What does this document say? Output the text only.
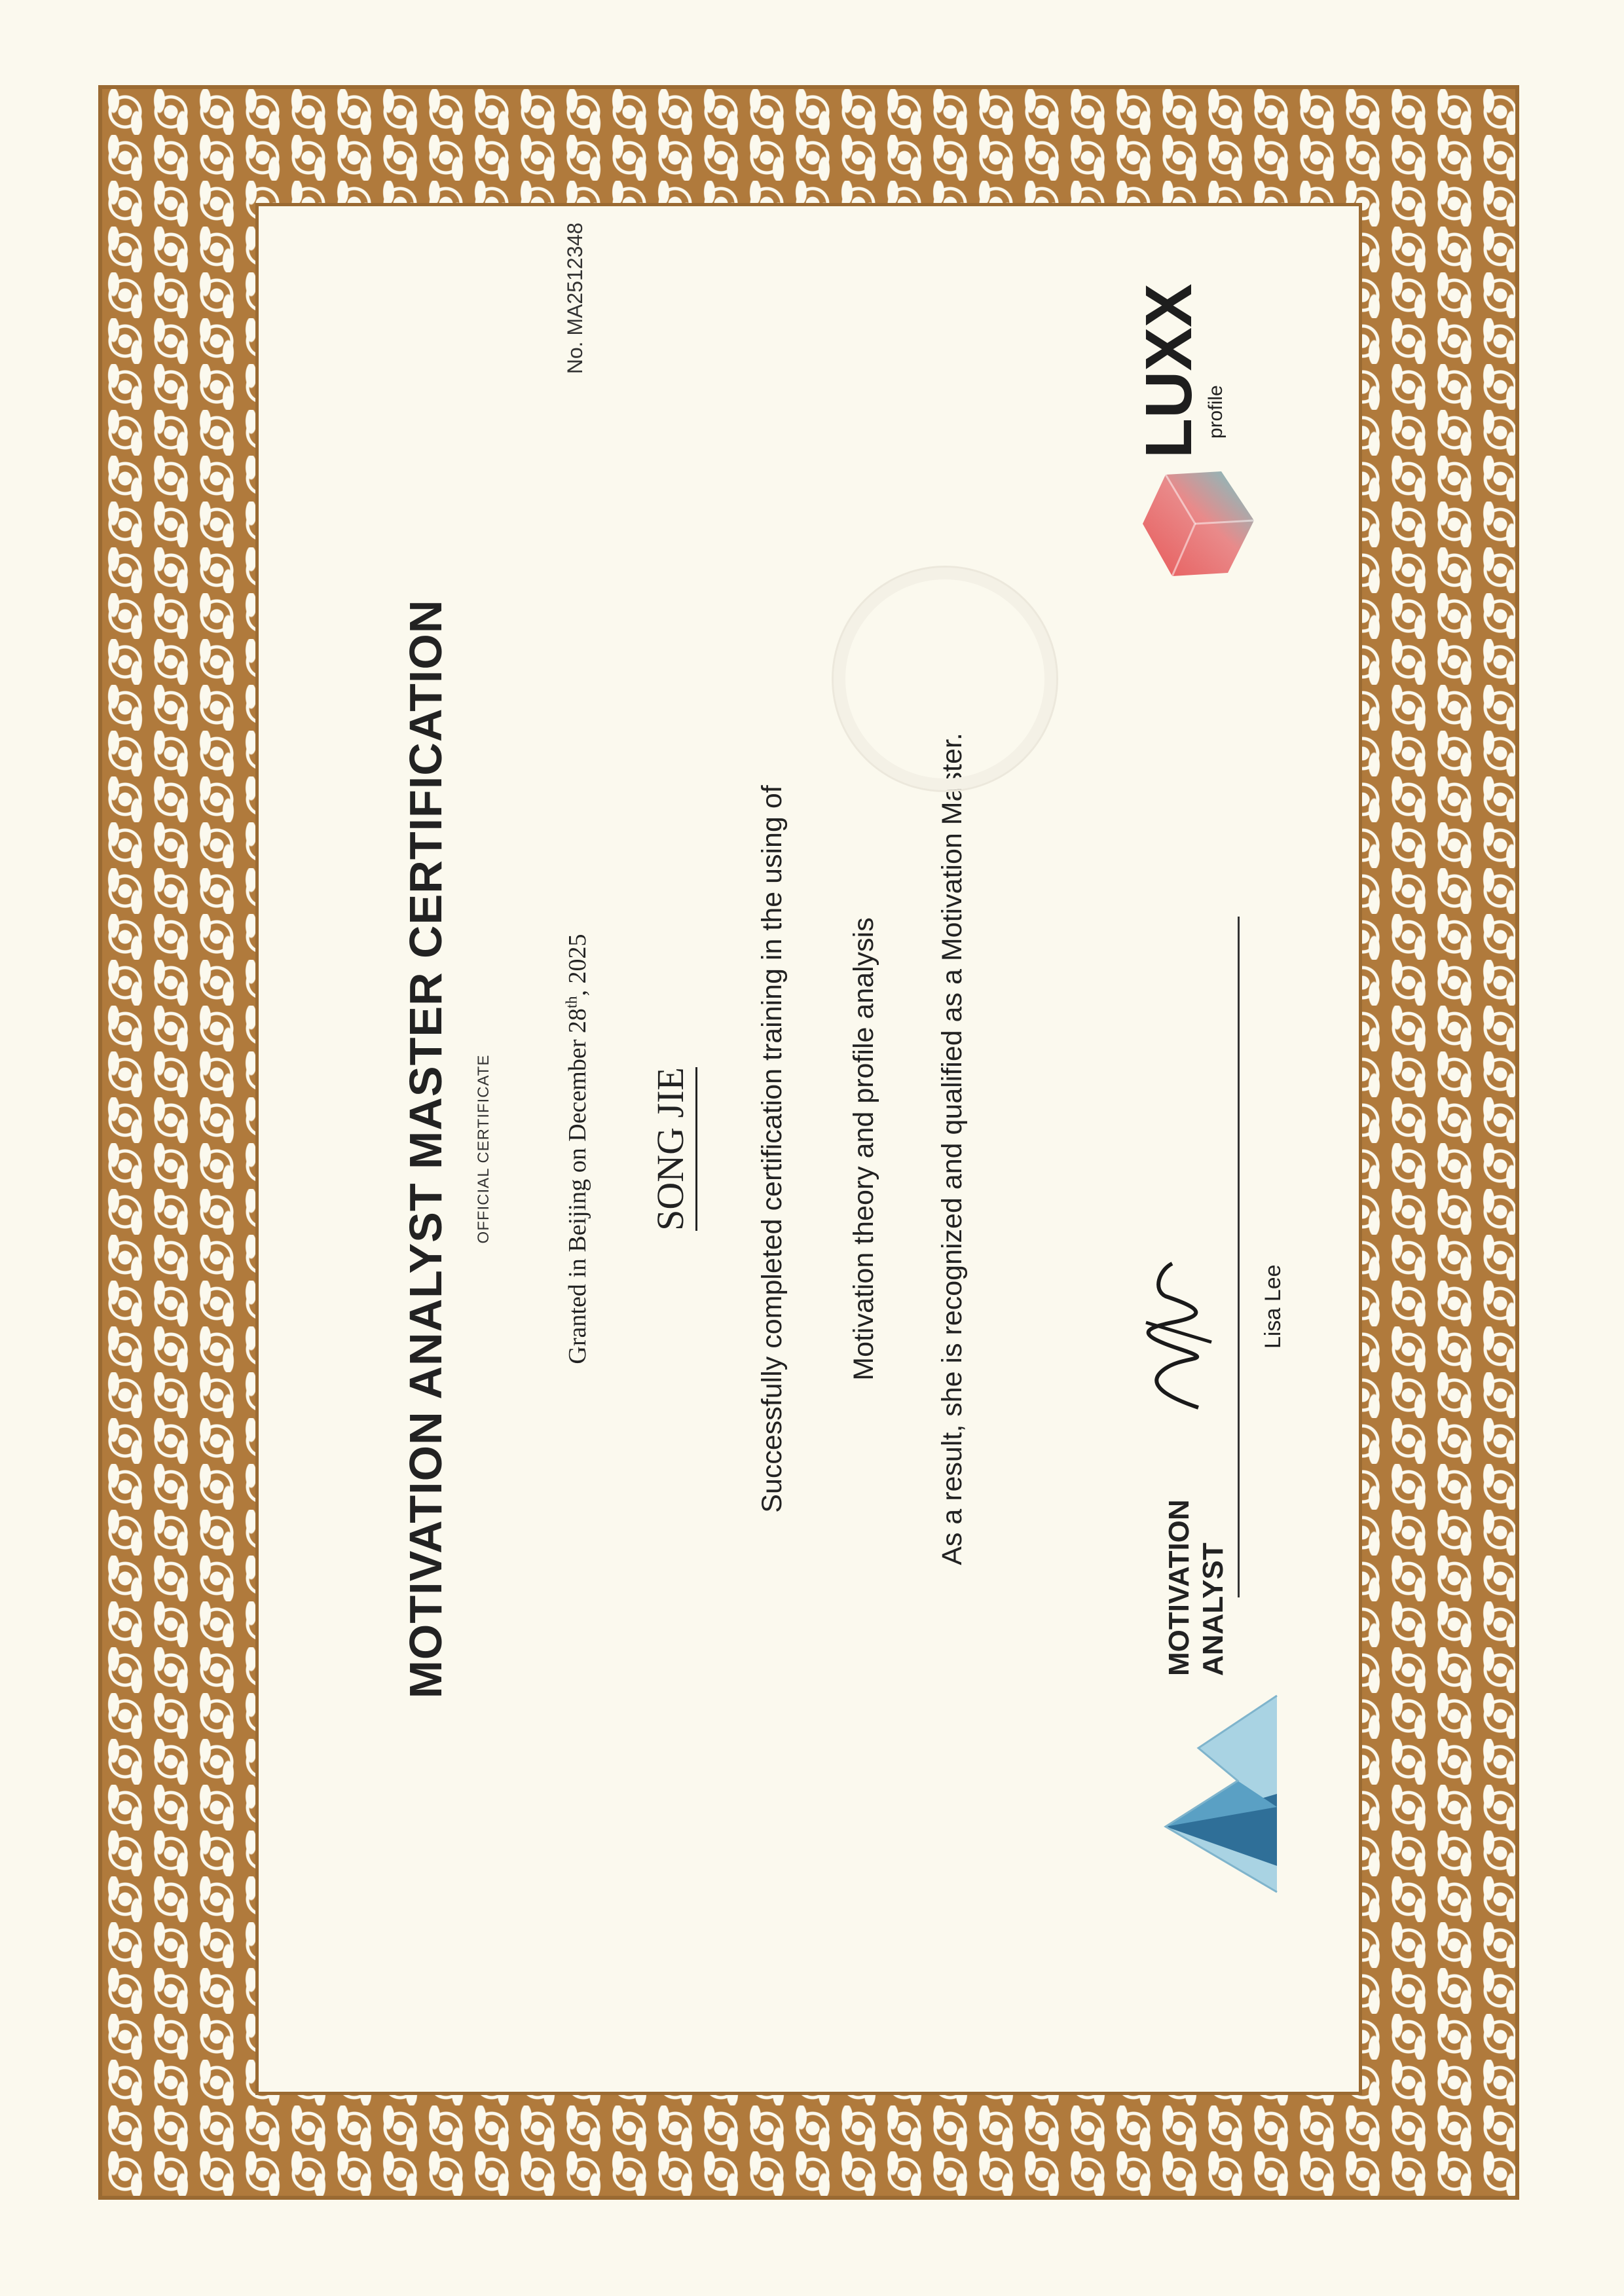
MOTIVATION ANALYST MASTER CERTIFICATION OFFICIAL CERTIFICATE
No. MA2512348
Granted in Beijing on December 28th, 2025
SONG JIE Successfully completed certification training in the using of Motivation theory and profile analysis As a result, she is recognized and qualified as a Motivation Master.	Lisa Lee
MOTIVATION ANALYST
LUXX profile
